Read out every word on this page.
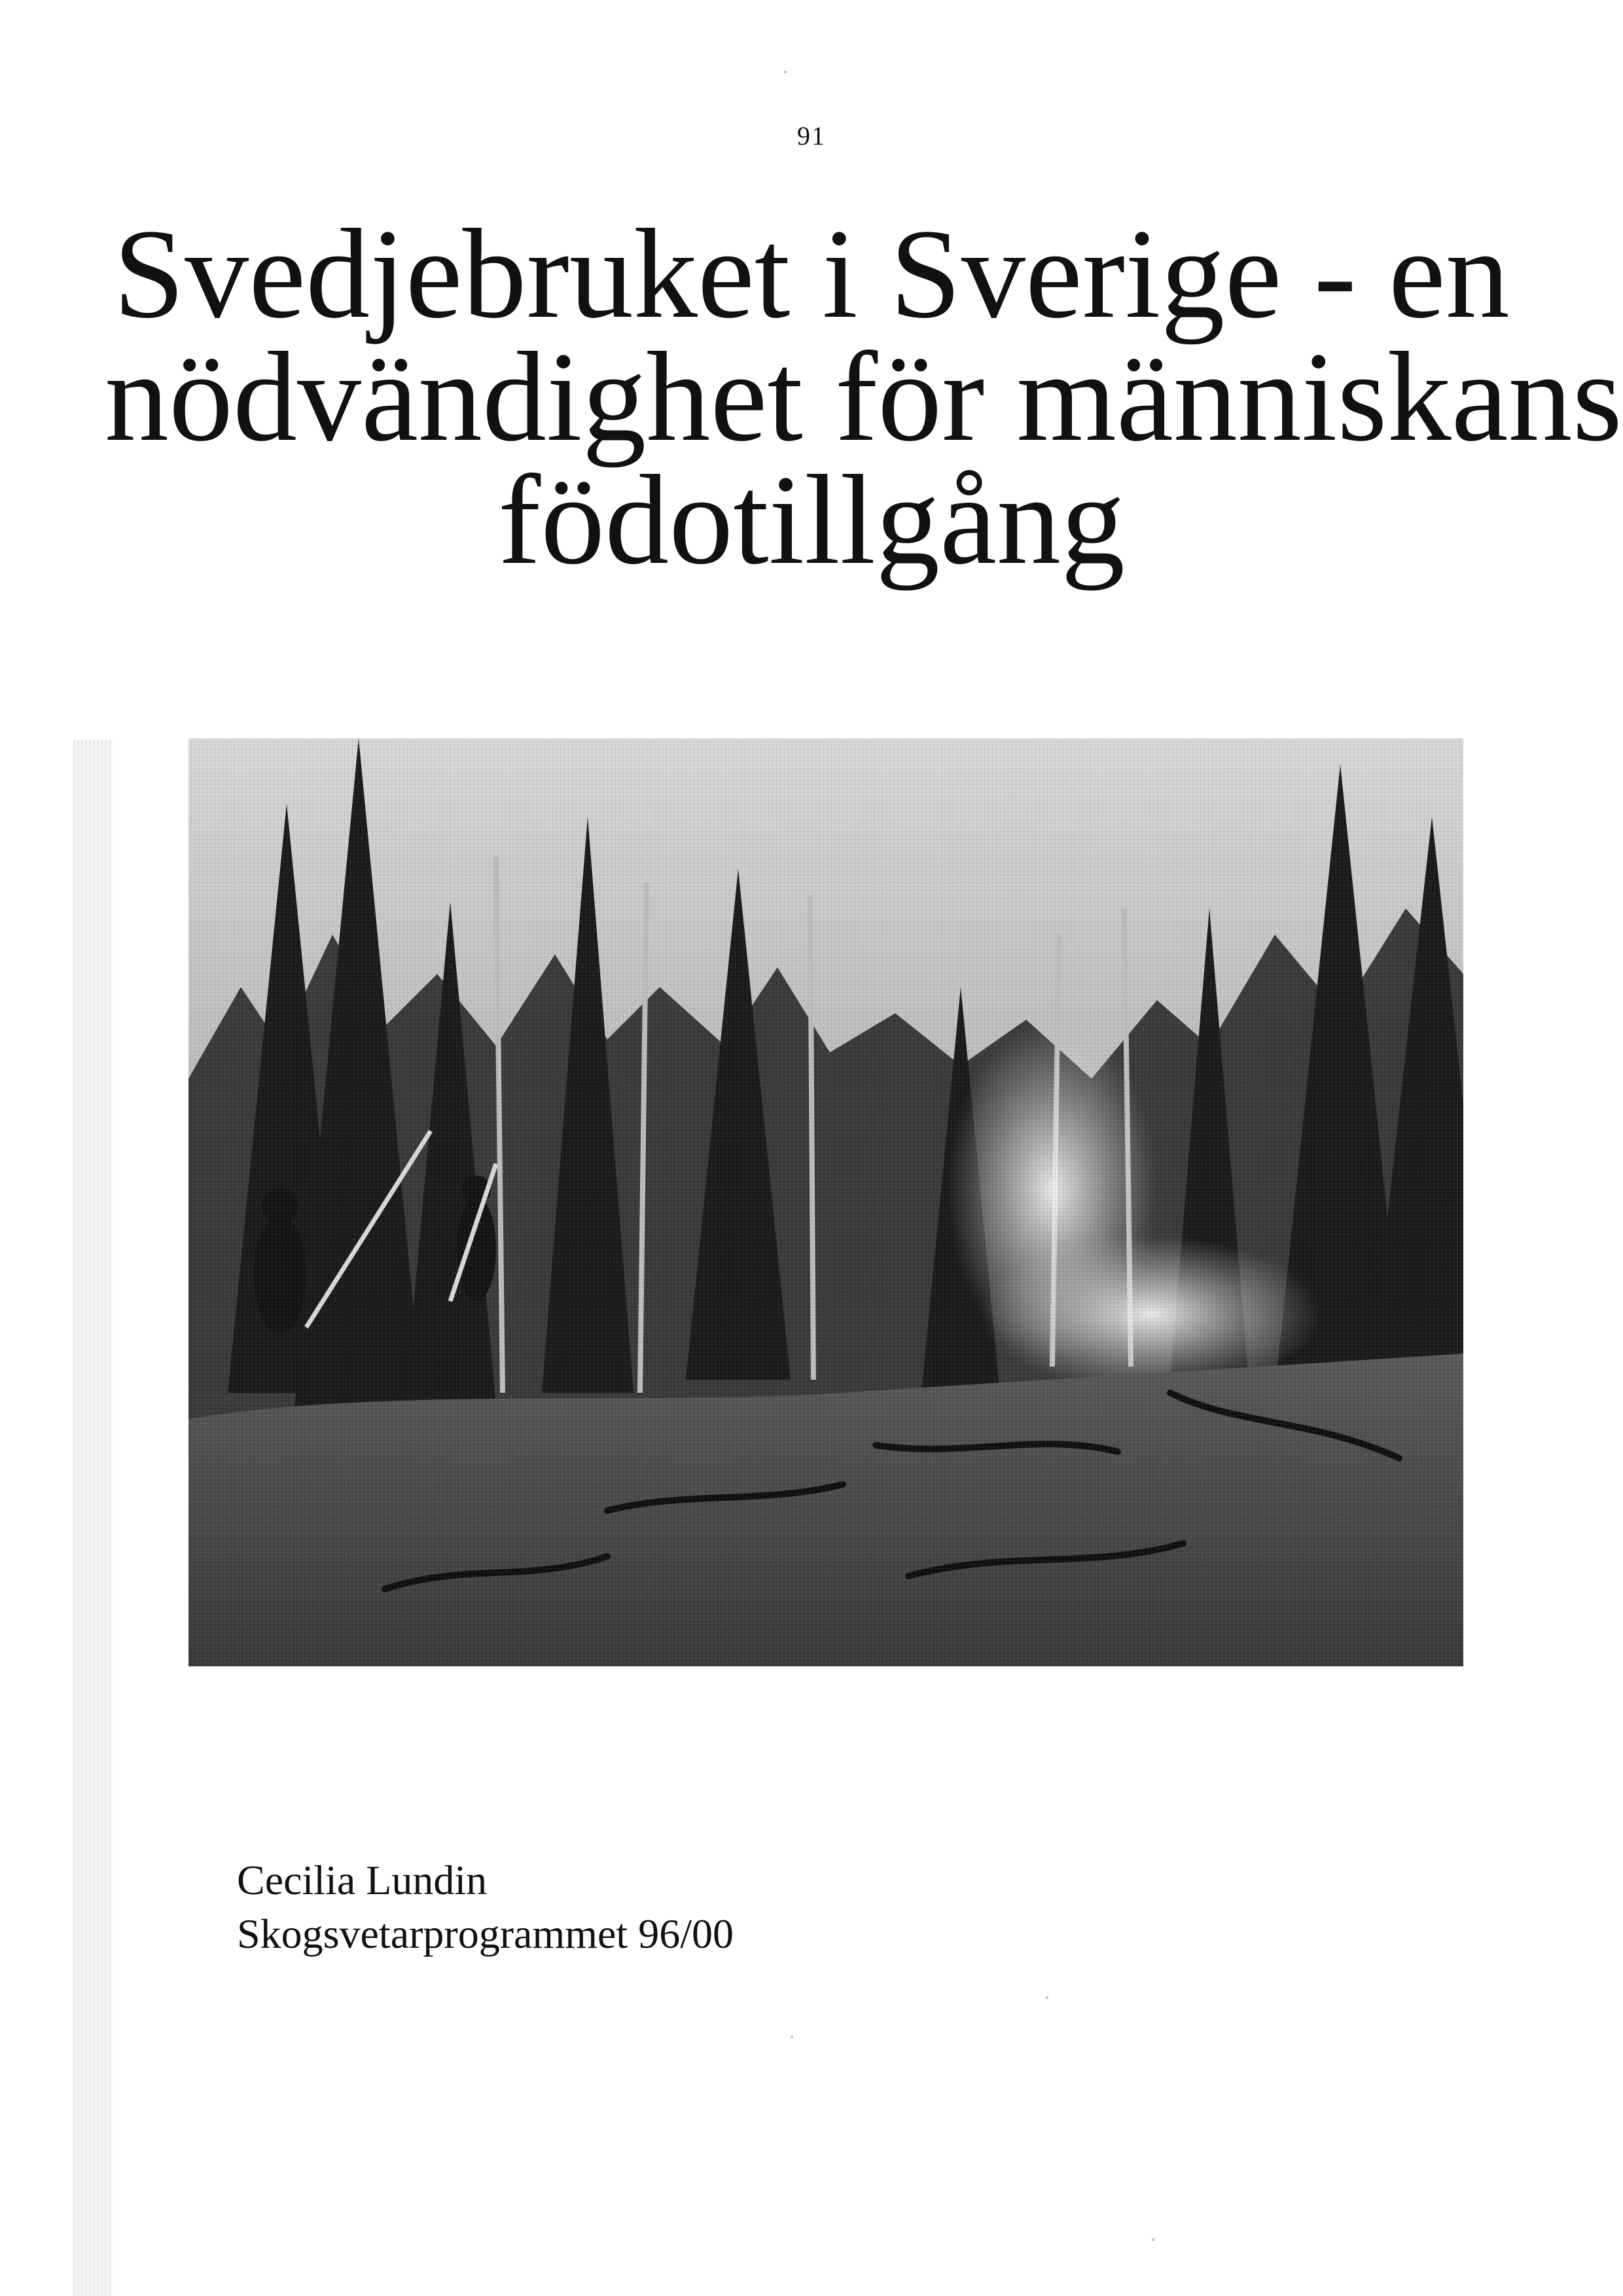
91
Svedjebruket i Sverige - en
nödvändighet för människans
födotillgång
Cecilia Lundin
Skogsvetarprogrammet 96/00
